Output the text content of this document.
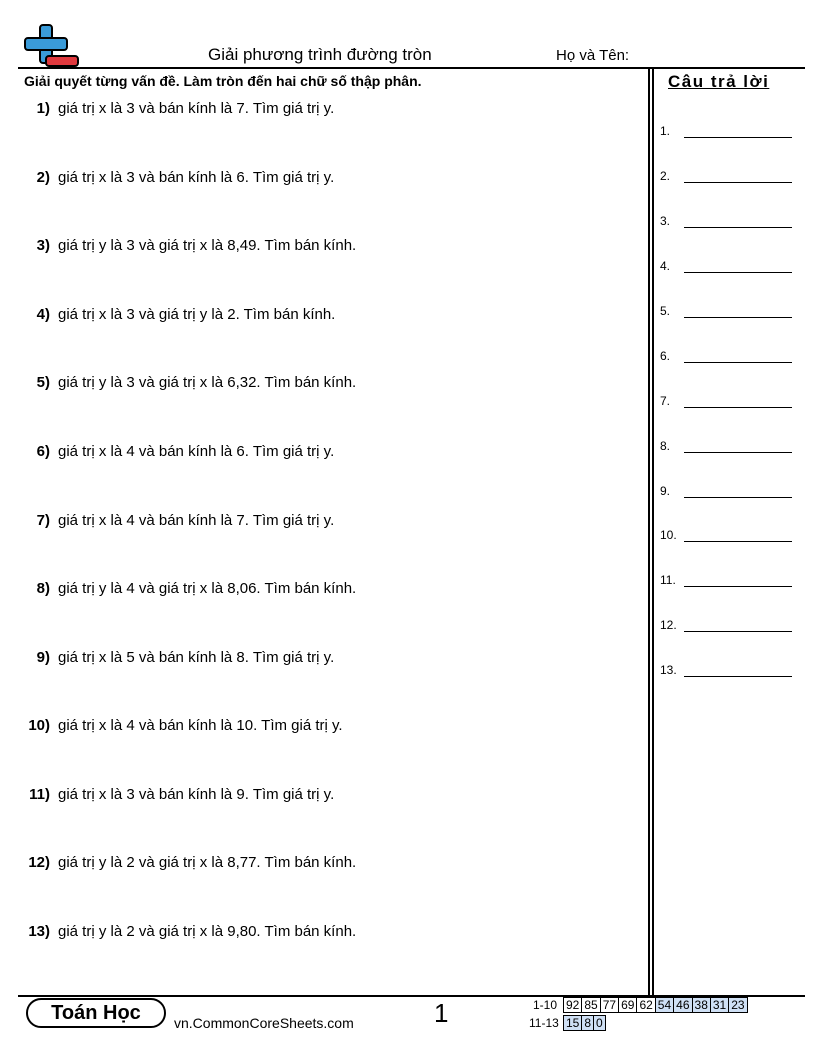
Giải phương trình đường tròn	Họ và Tên:
Giải quyết từng vấn đề. Làm tròn đến hai chữ số thập phân.
1) giá trị x là 3 và bán kính là 7. Tìm giá trị y.
2) giá trị x là 3 và bán kính là 6. Tìm giá trị y.
3) giá trị y là 3 và giá trị x là 8,49. Tìm bán kính.
4) giá trị x là 3 và giá trị y là 2. Tìm bán kính.
5) giá trị y là 3 và giá trị x là 6,32. Tìm bán kính.
6) giá trị x là 4 và bán kính là 6. Tìm giá trị y.
7) giá trị x là 4 và bán kính là 7. Tìm giá trị y.
8) giá trị y là 4 và giá trị x là 8,06. Tìm bán kính.
9) giá trị x là 5 và bán kính là 8. Tìm giá trị y.
10) giá trị x là 4 và bán kính là 10. Tìm giá trị y.
11) giá trị x là 3 và bán kính là 9. Tìm giá trị y.
12) giá trị y là 2 và giá trị x là 8,77. Tìm bán kính.
13) giá trị y là 2 và giá trị x là 9,80. Tìm bán kính.
Câu trả lời
1.
2.
3.
4.
5.
6.
7.
8.
9.
10.
11.
12.
13.
Toán Học	vn.CommonCoreSheets.com	1	1-10 92	85	77	69	62	54	46	38	31	23
11-13 15	8	0
